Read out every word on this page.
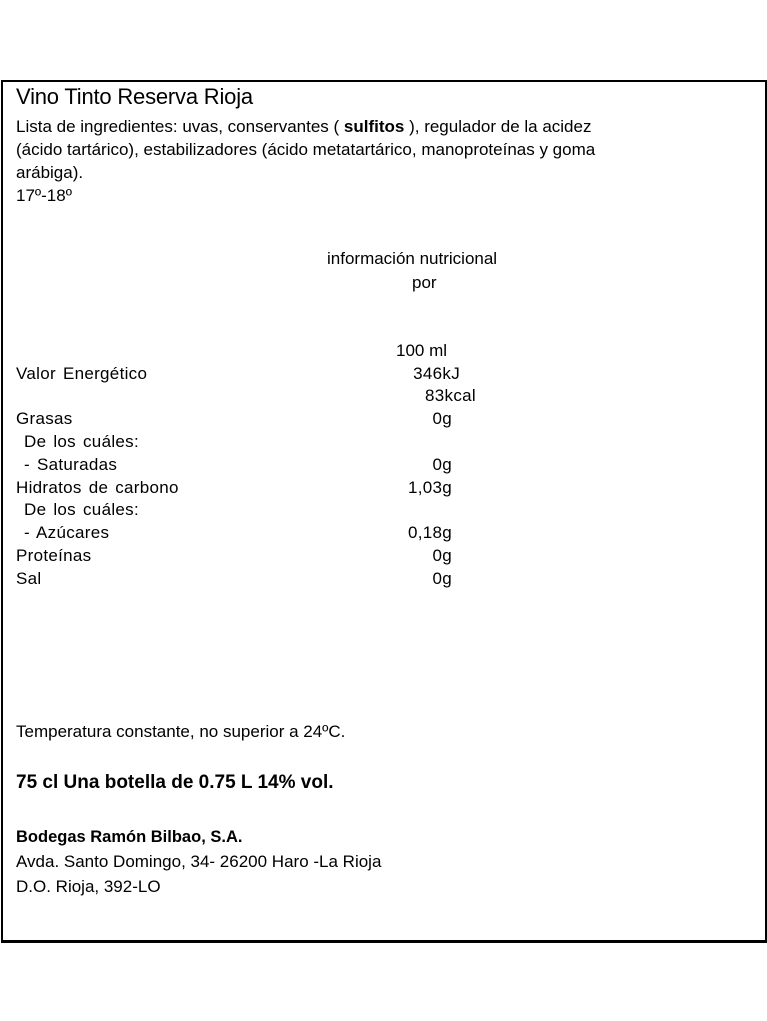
Vino Tinto Reserva Rioja
Lista de ingredientes: uvas, conservantes ( sulfitos ), regulador de la acidez
(ácido tartárico), estabilizadores (ácido metatartárico, manoproteínas y goma
arábiga).
17º-18º
información nutricional
por
100 ml
Valor Energético
Grasas
De los cuáles:
- Saturadas
Hidratos de carbono
De los cuáles:
- Azúcares
Proteínas
Sal
346kJ
83kcal
0g
0g
1,03g
0,18g
0g
0g
Temperatura constante, no superior a 24ºC.
75 cl Una botella de 0.75 L 14% vol.
Bodegas Ramón Bilbao, S.A.
Avda. Santo Domingo, 34- 26200 Haro -La Rioja
D.O. Rioja, 392-LO
